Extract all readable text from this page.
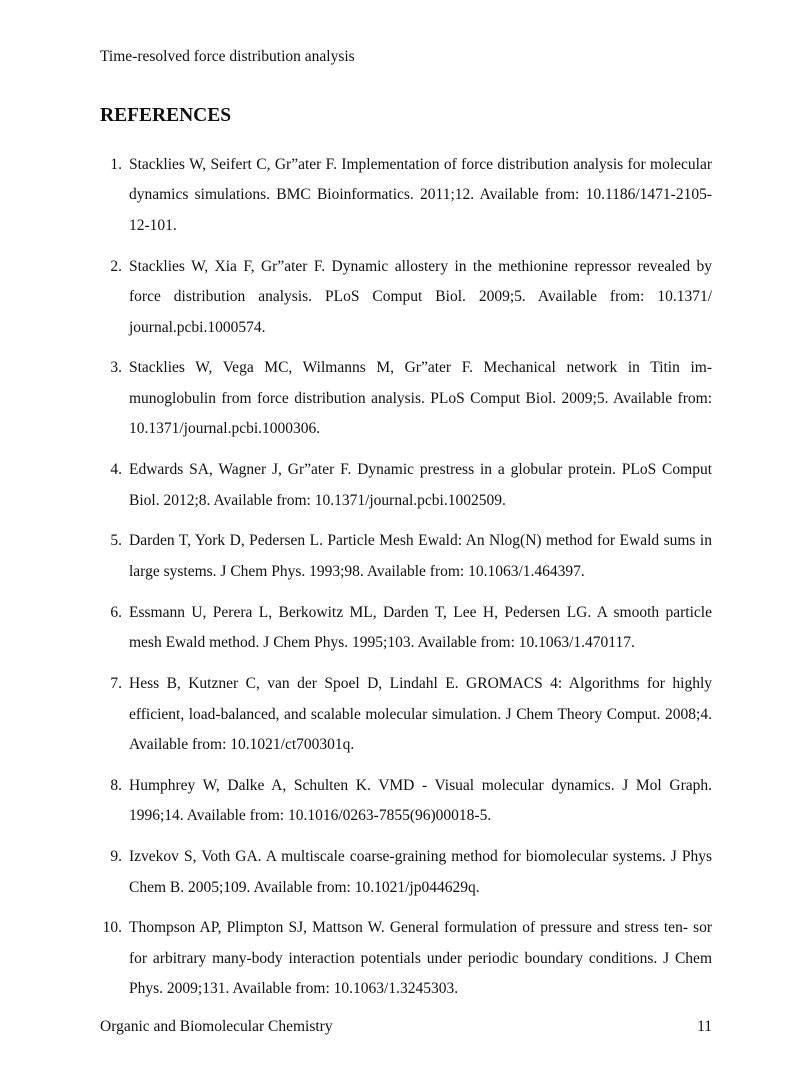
Time-resolved force distribution analysis
REFERENCES
1. Stacklies W, Seifert C, Gr”ater F. Implementation of force distribution analysis for molecular dynamics simulations. BMC Bioinformatics. 2011;12. Available from: 10.1186/1471-2105-12-101.
2. Stacklies W, Xia F, Gr”ater F. Dynamic allostery in the methionine repressor revealed by force distribution analysis. PLoS Comput Biol. 2009;5. Available from: 10.1371/ journal.pcbi.1000574.
3. Stacklies W, Vega MC, Wilmanns M, Gr”ater F. Mechanical network in Titin im- munoglobulin from force distribution analysis. PLoS Comput Biol. 2009;5. Available from: 10.1371/journal.pcbi.1000306.
4. Edwards SA, Wagner J, Gr”ater F. Dynamic prestress in a globular protein. PLoS Comput Biol. 2012;8. Available from: 10.1371/journal.pcbi.1002509.
5. Darden T, York D, Pedersen L. Particle Mesh Ewald: An Nlog(N) method for Ewald sums in large systems. J Chem Phys. 1993;98. Available from: 10.1063/1.464397.
6. Essmann U, Perera L, Berkowitz ML, Darden T, Lee H, Pedersen LG. A smooth particle mesh Ewald method. J Chem Phys. 1995;103. Available from: 10.1063/1.470117.
7. Hess B, Kutzner C, van der Spoel D, Lindahl E. GROMACS 4: Algorithms for highly efficient, load-balanced, and scalable molecular simulation. J Chem Theory Comput. 2008;4. Available from: 10.1021/ct700301q.
8. Humphrey W, Dalke A, Schulten K. VMD - Visual molecular dynamics. J Mol Graph. 1996;14. Available from: 10.1016/0263-7855(96)00018-5.
9. Izvekov S, Voth GA. A multiscale coarse-graining method for biomolecular systems. J Phys Chem B. 2005;109. Available from: 10.1021/jp044629q.
10. Thompson AP, Plimpton SJ, Mattson W. General formulation of pressure and stress ten- sor for arbitrary many-body interaction potentials under periodic boundary conditions. J Chem Phys. 2009;131. Available from: 10.1063/1.3245303.
Organic and Biomolecular Chemistry	11
